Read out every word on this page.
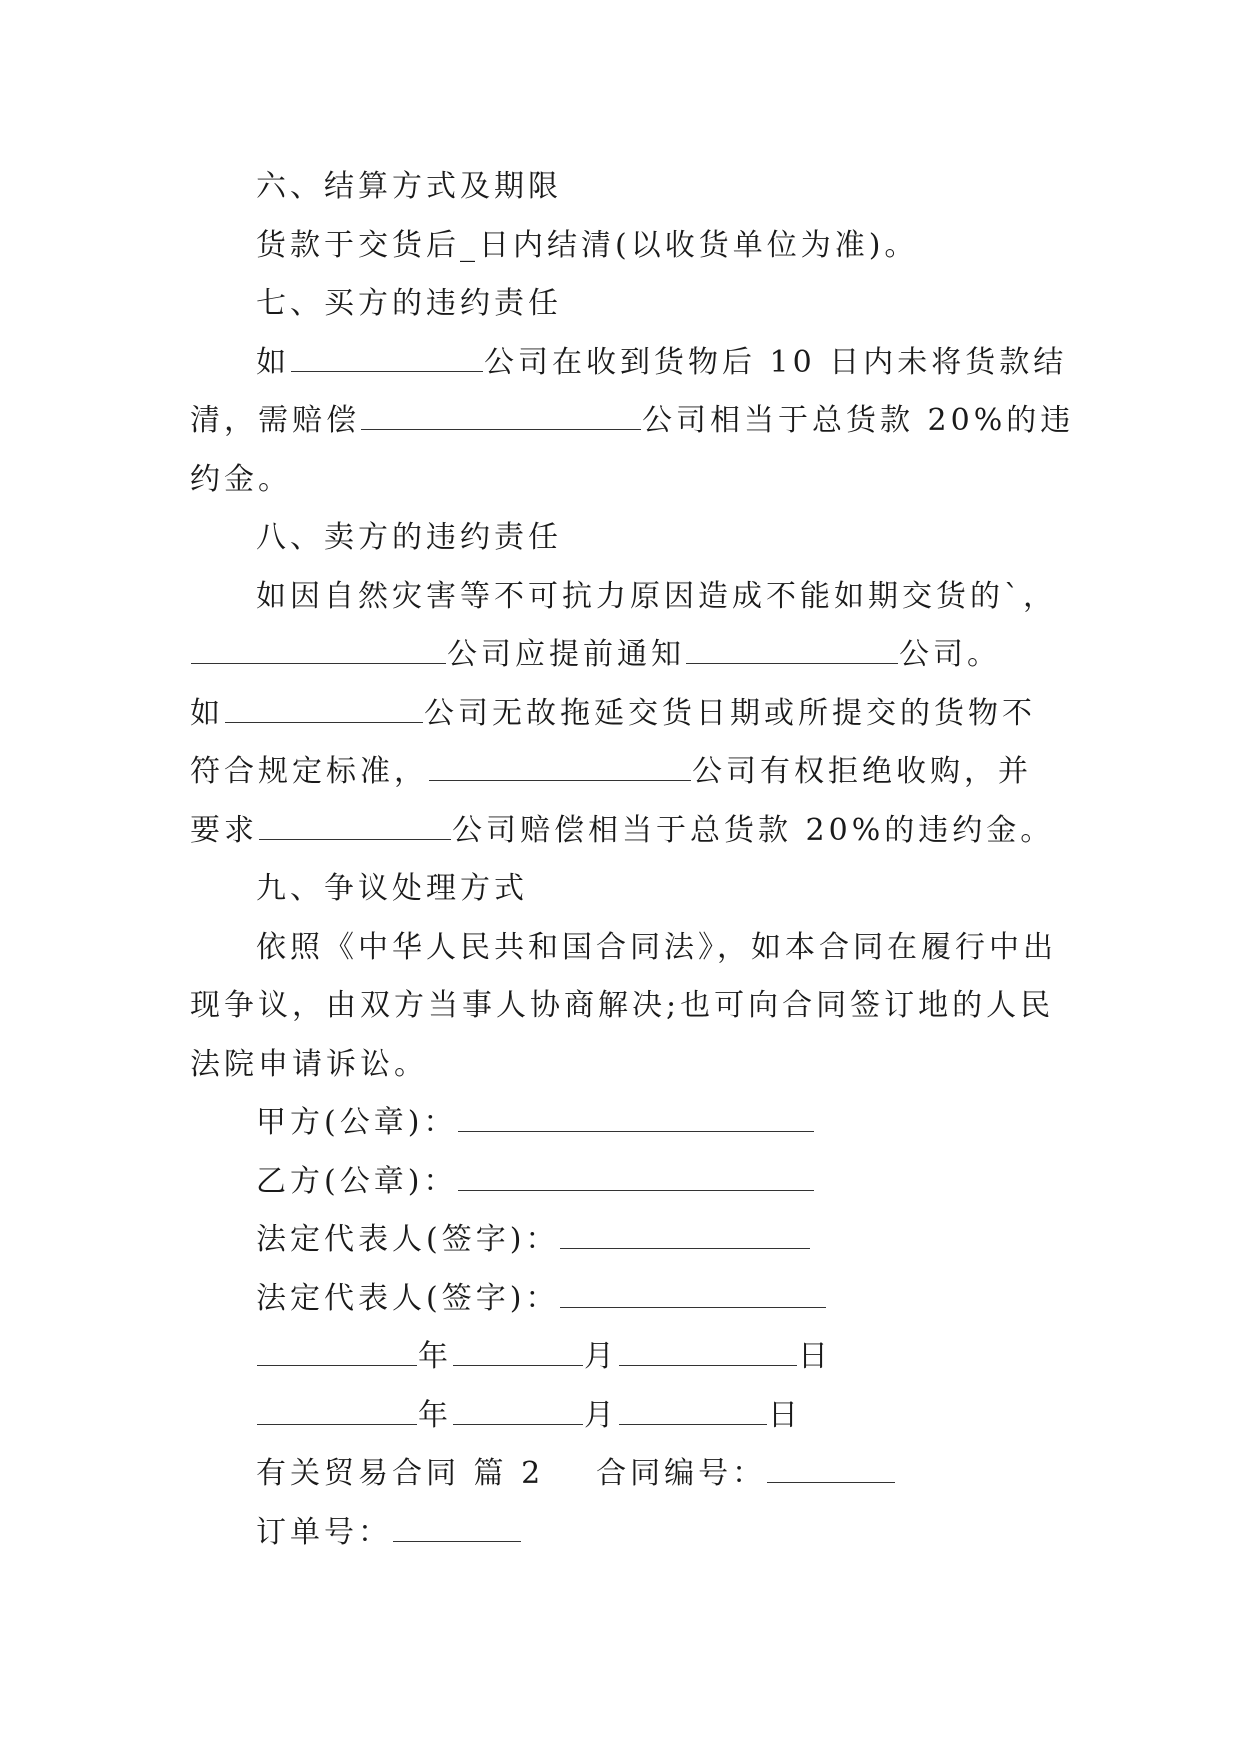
六、结算方式及期限
货款于交货后_日内结清(以收货单位为准)。
七、买方的违约责任
如	公司在收到货物后 10 日内未将货款结
清，需赔偿	公司相当于总货款 20%的违
约金。
八、卖方的违约责任
如因自然灾害等不可抗力原因造成不能如期交货的`，
公司应提前通知	公司。
如	公司无故拖延交货日期或所提交的货物不
符合规定标准，	公司有权拒绝收购，并
要求	公司赔偿相当于总货款 20%的违约金。
九、争议处理方式
依照《中华人民共和国合同法》，如本合同在履行中出
现争议，由双方当事人协商解决;也可向合同签订地的人民
法院申请诉讼。
甲方(公章)：
乙方(公章)：
法定代表人(签字)：
法定代表人(签字)：
年	月	日
年	月	日
有关贸易合同 篇 2 合同编号：
订单号：
